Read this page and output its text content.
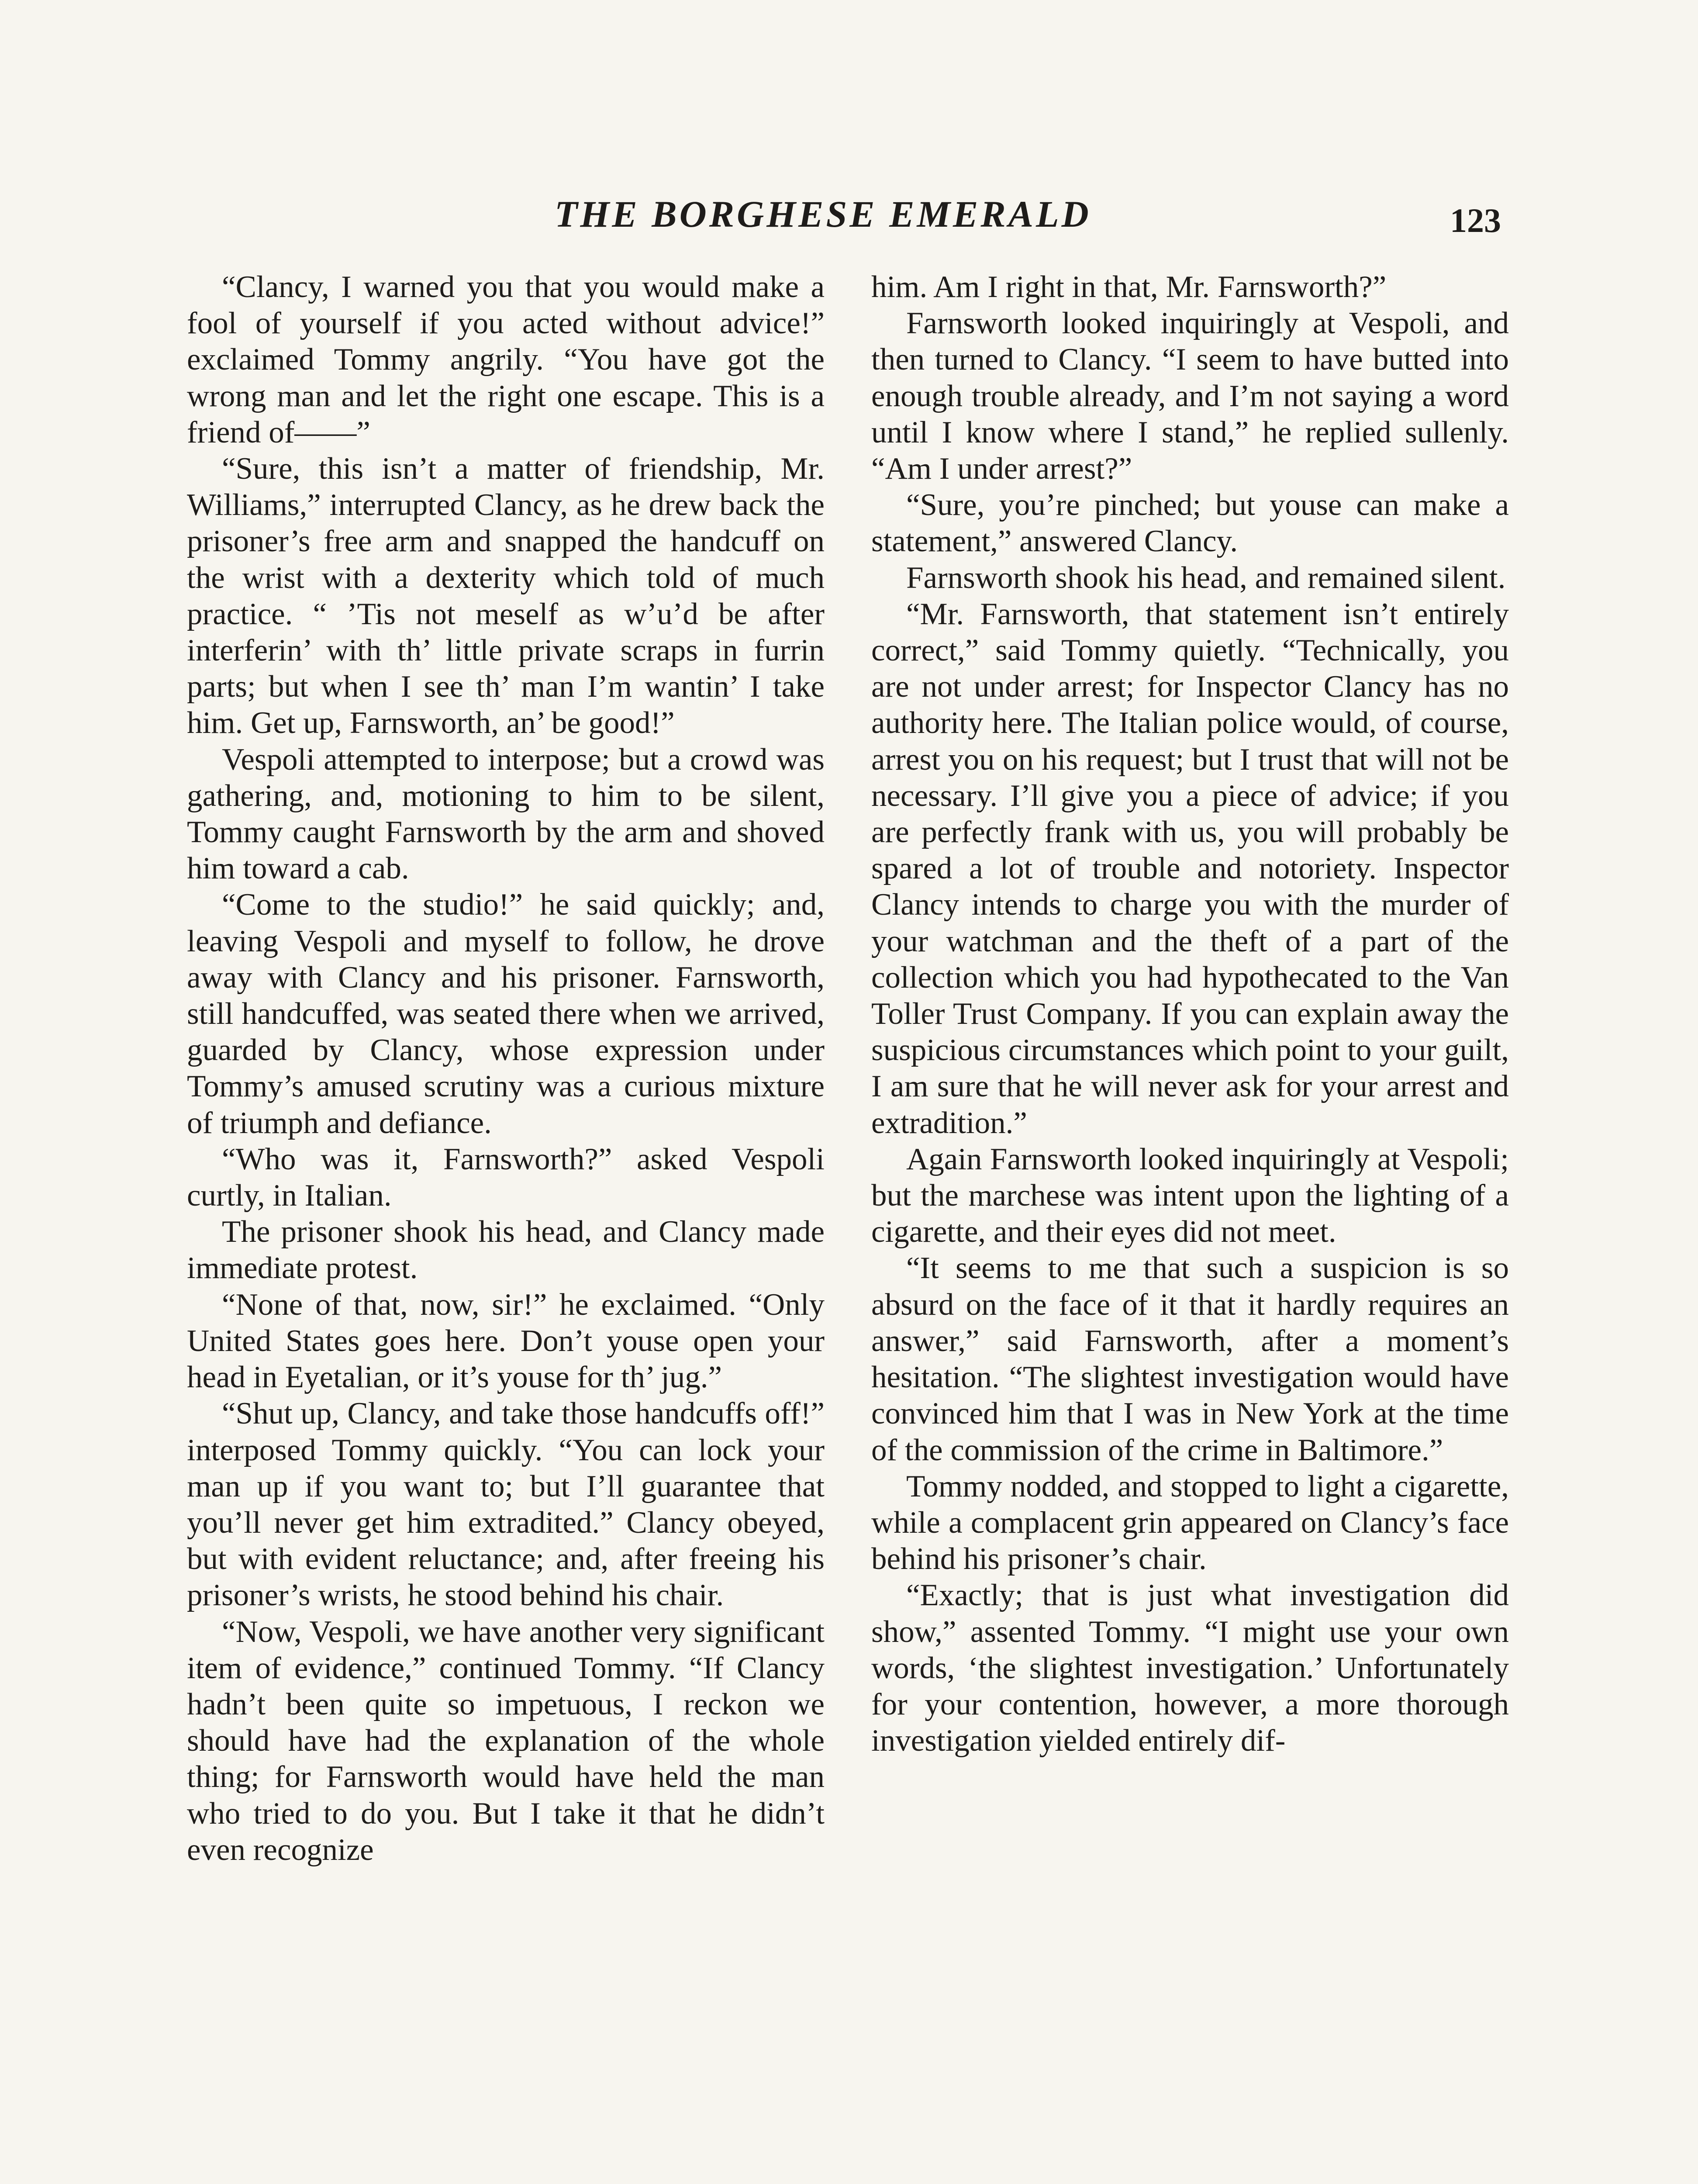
THE BORGHESE EMERALD	123

“Clancy, I warned you that you would make a fool of yourself if you acted without advice!” exclaimed Tommy angrily. “You have got the wrong man and let the right one escape. This is a friend of——”

“Sure, this isn’t a matter of friendship, Mr. Williams,” interrupted Clancy, as he drew back the prisoner’s free arm and snapped the handcuff on the wrist with a dexterity which told of much practice. “ ’Tis not meself as w’u’d be after interferin’ with th’ little private scraps in furrin parts; but when I see th’ man I’m wantin’ I take him. Get up, Farnsworth, an’ be good!”

Vespoli attempted to interpose; but a crowd was gathering, and, motioning to him to be silent, Tommy caught Farnsworth by the arm and shoved him toward a cab.

“Come to the studio!” he said quickly; and, leaving Vespoli and myself to follow, he drove away with Clancy and his prisoner. Farnsworth, still handcuffed, was seated there when we arrived, guarded by Clancy, whose expression under Tommy’s amused scrutiny was a curious mixture of triumph and defiance.

“Who was it, Farnsworth?” asked Vespoli curtly, in Italian.

The prisoner shook his head, and Clancy made immediate protest.

“None of that, now, sir!” he exclaimed. “Only United States goes here. Don’t youse open your head in Eyetalian, or it’s youse for th’ jug.”

“Shut up, Clancy, and take those handcuffs off!” interposed Tommy quickly. “You can lock your man up if you want to; but I’ll guarantee that you’ll never get him extradited.” Clancy obeyed, but with evident reluctance; and, after freeing his prisoner’s wrists, he stood behind his chair.

“Now, Vespoli, we have another very significant item of evidence,” continued Tommy. “If Clancy hadn’t been quite so impetuous, I reckon we should have had the explanation of the whole thing; for Farnsworth would have held the man who tried to do you. But I take it that he didn’t even recognize

him. Am I right in that, Mr. Farnsworth?”

Farnsworth looked inquiringly at Vespoli, and then turned to Clancy. “I seem to have butted into enough trouble already, and I’m not saying a word until I know where I stand,” he replied sullenly. “Am I under arrest?”

“Sure, you’re pinched; but youse can make a statement,” answered Clancy.

Farnsworth shook his head, and remained silent.

“Mr. Farnsworth, that statement isn’t entirely correct,” said Tommy quietly. “Technically, you are not under arrest; for Inspector Clancy has no authority here. The Italian police would, of course, arrest you on his request; but I trust that will not be necessary. I’ll give you a piece of advice; if you are perfectly frank with us, you will probably be spared a lot of trouble and notoriety. Inspector Clancy intends to charge you with the murder of your watchman and the theft of a part of the collection which you had hypothecated to the Van Toller Trust Company. If you can explain away the suspicious circumstances which point to your guilt, I am sure that he will never ask for your arrest and extradition.”

Again Farnsworth looked inquiringly at Vespoli; but the marchese was intent upon the lighting of a cigarette, and their eyes did not meet.

“It seems to me that such a suspicion is so absurd on the face of it that it hardly requires an answer,” said Farnsworth, after a moment’s hesitation. “The slightest investigation would have convinced him that I was in New York at the time of the commission of the crime in Baltimore.”

Tommy nodded, and stopped to light a cigarette, while a complacent grin appeared on Clancy’s face behind his prisoner’s chair.

“Exactly; that is just what investigation did show,” assented Tommy. “I might use your own words, ‘the slightest investigation.’ Unfortunately for your contention, however, a more thorough investigation yielded entirely dif-
